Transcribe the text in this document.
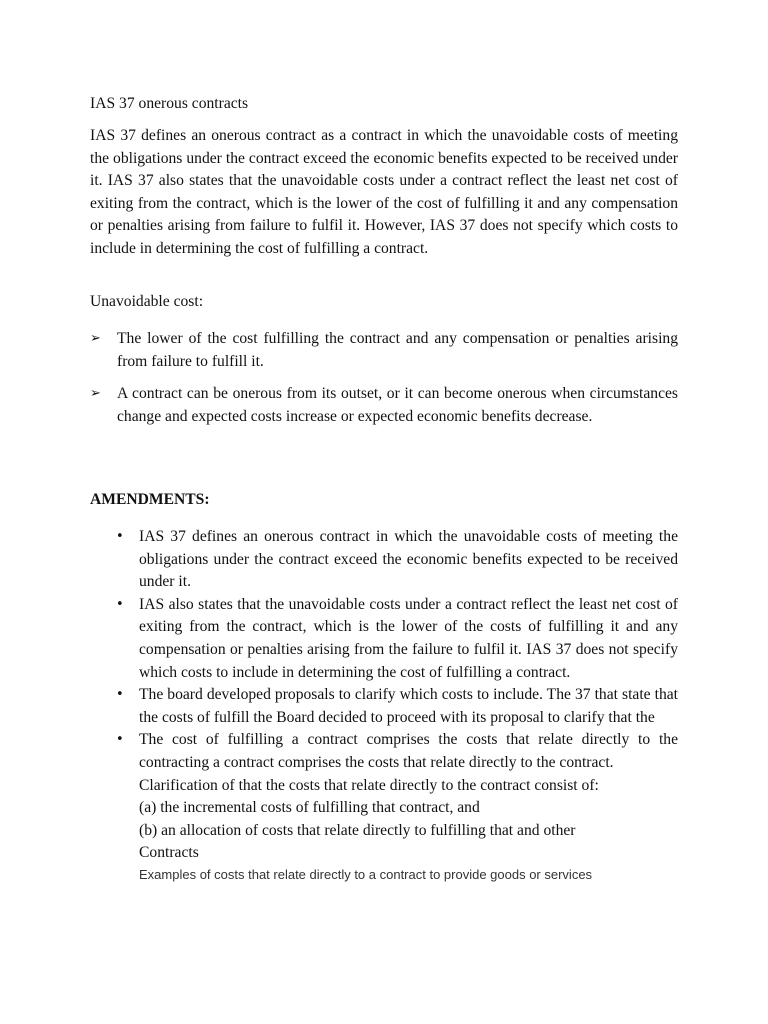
IAS 37 onerous contracts

IAS 37 defines an onerous contract as a contract in which the unavoidable costs of meeting the obligations under the contract exceed the economic benefits expected to be received under it. IAS 37 also states that the unavoidable costs under a contract reflect the least net cost of exiting from the contract, which is the lower of the cost of fulfilling it and any compensation or penalties arising from failure to fulfil it. However, IAS 37 does not specify which costs to include in determining the cost of fulfilling a contract.

Unavoidable cost:

➢	The lower of the cost fulfilling the contract and any compensation or penalties arising from failure to fulfill it.
➢	A contract can be onerous from its outset, or it can become onerous when circumstances change and expected costs increase or expected economic benefits decrease.

AMENDMENTS:

• IAS 37 defines an onerous contract in which the unavoidable costs of meeting the obligations under the contract exceed the economic benefits expected to be received under it.
• IAS also states that the unavoidable costs under a contract reflect the least net cost of exiting from the contract, which is the lower of the costs of fulfilling it and any compensation or penalties arising from the failure to fulfil it. IAS 37 does not specify which costs to include in determining the cost of fulfilling a contract.
• The board developed proposals to clarify which costs to include. The 37 that state that the costs of fulfill the Board decided to proceed with its proposal to clarify that the
• The cost of fulfilling a contract comprises the costs that relate directly to the contracting a contract comprises the costs that relate directly to the contract.
Clarification of that the costs that relate directly to the contract consist of:
(a) the incremental costs of fulfilling that contract, and
(b) an allocation of costs that relate directly to fulfilling that and other
Contracts
Examples of costs that relate directly to a contract to provide goods or services
